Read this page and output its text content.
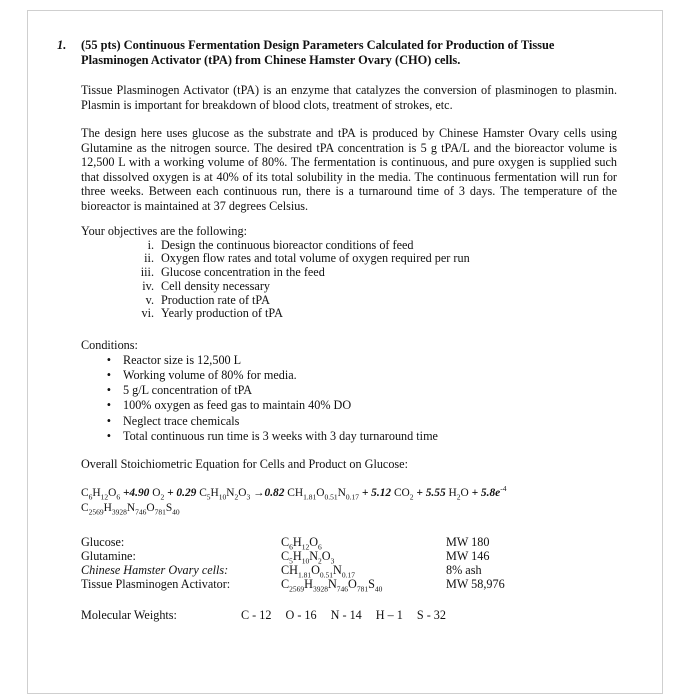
1.	(55 pts) Continuous Fermentation Design Parameters Calculated for Production of Tissue Plasminogen Activator (tPA) from Chinese Hamster Ovary (CHO) cells.
Tissue Plasminogen Activator (tPA) is an enzyme that catalyzes the conversion of plasminogen to plasmin. Plasmin is important for breakdown of blood clots, treatment of strokes, etc.
The design here uses glucose as the substrate and tPA is produced by Chinese Hamster Ovary cells using Glutamine as the nitrogen source. The desired tPA concentration is 5 g tPA/L and the bioreactor volume is 12,500 L with a working volume of 80%. The fermentation is continuous, and pure oxygen is supplied such that dissolved oxygen is at 40% of its total solubility in the media. The continuous fermentation will run for three weeks. Between each continuous run, there is a turnaround time of 3 days. The temperature of the bioreactor is maintained at 37 degrees Celsius.
Your objectives are the following:
i. Design the continuous bioreactor conditions of feed
ii. Oxygen flow rates and total volume of oxygen required per run
iii. Glucose concentration in the feed
iv. Cell density necessary
v. Production rate of tPA
vi. Yearly production of tPA
Conditions:
• Reactor size is 12,500 L
• Working volume of 80% for media.
• 5 g/L concentration of tPA
• 100% oxygen as feed gas to maintain 40% DO
• Neglect trace chemicals
• Total continuous run time is 3 weeks with 3 day turnaround time
Overall Stoichiometric Equation for Cells and Product on Glucose:
$C_6H_{12}O_6 +4.90$ $O_2 + 0.29$ $C_5H_{10}N_2O_3 \to 0.82$ $CH_{1.81}O_{0.51}N_{0.17} + 5.12$ $CO_2 + 5.55$ $H_2O + 5.8e^{-4}$
$C_{2569}H_{3928}N_{746}O_{781}S_{40}$
Glucose:	$C_6H_{12}O_6$	MW 180
Glutamine:	$C_5H_{10}N_2O_3$	MW 146
Chinese Hamster Ovary cells:	$CH_{1.81}O_{0.51}N_{0.17}$	8% ash
Tissue Plasminogen Activator:	$C_{2569}H_{3928}N_{746}O_{781}S_{40}$	MW 58,976
Molecular Weights:	C - 12 O - 16 N - 14 H – 1 S - 32
